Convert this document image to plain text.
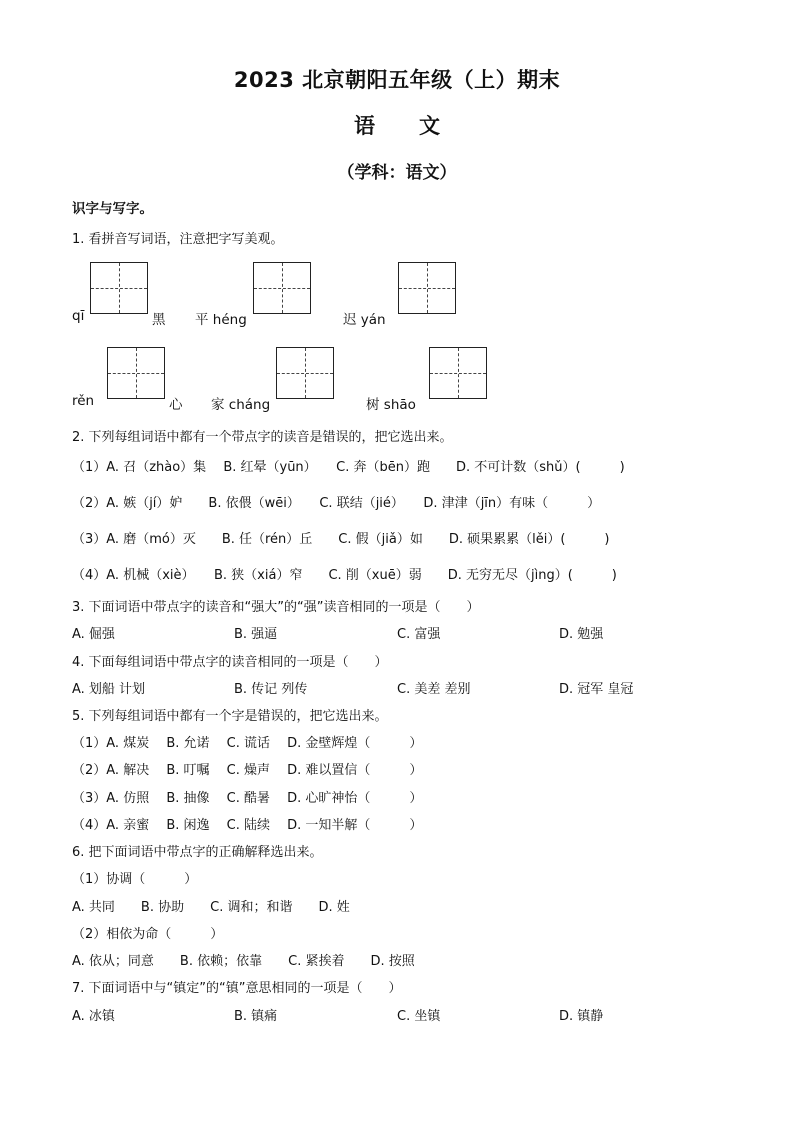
2023 北京朝阳五年级（上）期末
语文
（学科：语文）
识字与写字。
1. 看拼音写词语，注意把字写美观。
qī	黑 平 héng	迟 yán
rěn	心 家 cháng	树 shāo
2. 下列每组词语中都有一个带点字的读音是错误的，把它选出来。
（1）A. 召（zhào）集　 B. 红晕（yūn）　　C. 奔（bēn）跑　　D. 不可计数（shǔ）(　　　)
（2）A. 嫉（jí）妒　　B. 依偎（wēi）　　C. 联结（jié）　　D. 津津（jīn）有味（　　　）
（3）A. 磨（mó）灭　　B. 任（rén）丘　　C. 假（jiǎ）如　　D. 硕果累累（lěi）(　　　)
（4）A. 机械（xiè）　　B. 狭（xiá）窄　　C. 削（xuē）弱　　D. 无穷无尽（jìng）(　　　)
3. 下面词语中带点字的读音和“强大”的“强”读音相同的一项是（　　）
A. 倔强	B. 强逼	C. 富强	D. 勉强
4. 下面每组词语中带点字的读音相同的一项是（　　）
A. 划船 计划	B. 传记 列传	C. 美差 差别	D. 冠军 皇冠
5. 下列每组词语中都有一个字是错误的，把它选出来。
（1）A. 煤炭　 B. 允诺　 C. 谎话　 D. 金壁辉煌（　　　）
（2）A. 解决　 B. 叮嘱　 C. 燥声　 D. 难以置信（　　　）
（3）A. 仿照　 B. 抽像　 C. 酷暑　 D. 心旷神怡（　　　）
（4）A. 亲蜜　 B. 闲逸　 C. 陆续　 D. 一知半解（　　　）
6. 把下面词语中带点字的正确解释选出来。
（1）协调（　　　）
A. 共同　　B. 协助　　C. 调和；和谐　　D. 姓
（2）相依为命（　　　）
A. 依从；同意　　B. 依赖；依靠　　C. 紧挨着　　D. 按照
7. 下面词语中与“镇定”的“镇”意思相同的一项是（　　）
A. 冰镇	B. 镇痛	C. 坐镇	D. 镇静
